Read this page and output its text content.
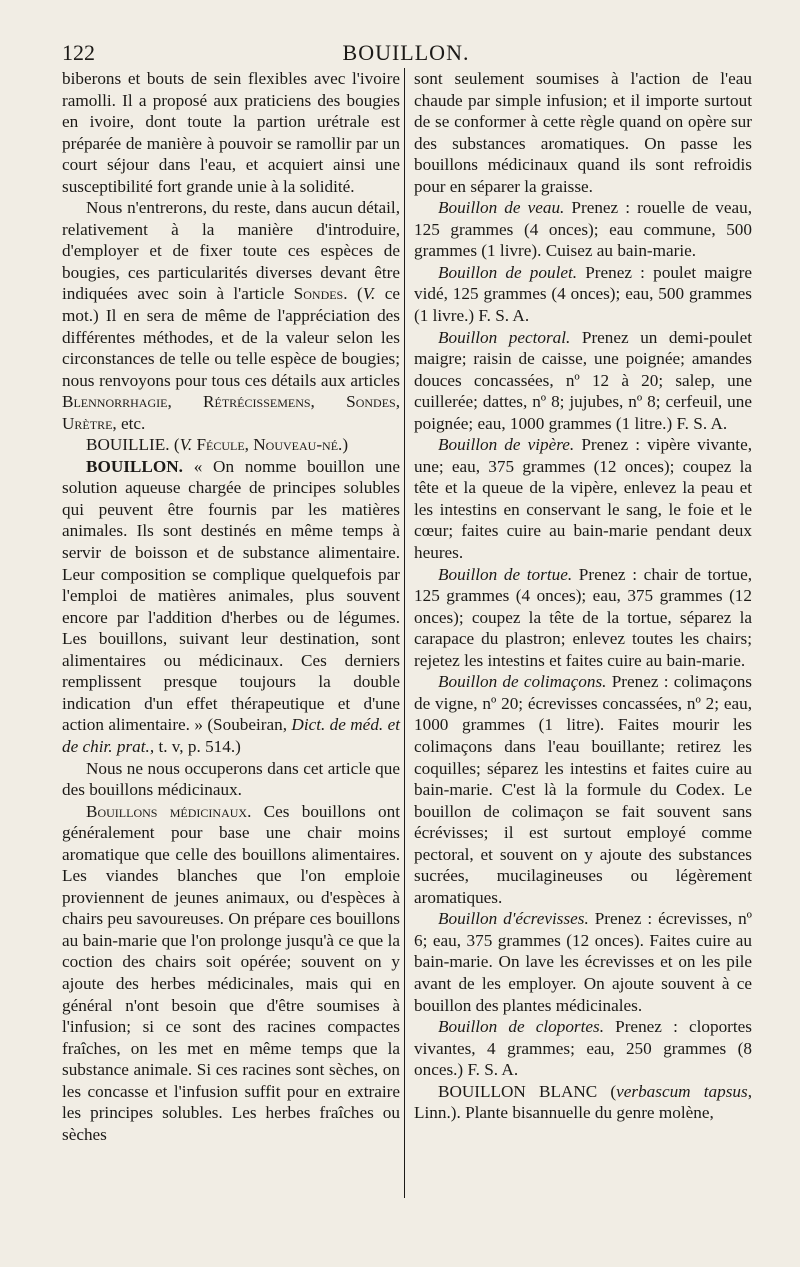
122	BOUILLON.

biberons et bouts de sein flexibles avec l'ivoire ramolli. Il a proposé aux praticiens des bougies en ivoire, dont toute la partion urétrale est préparée de manière à pouvoir se ramollir par un court séjour dans l'eau, et acquiert ainsi une susceptibilité fort grande unie à la solidité.

Nous n'entrerons, du reste, dans aucun détail, relativement à la manière d'introduire, d'employer et de fixer toute ces espèces de bougies, ces particularités diverses devant être indiquées avec soin à l'article Sondes. (V. ce mot.) Il en sera de même de l'appréciation des différentes méthodes, et de la valeur selon les circonstances de telle ou telle espèce de bougies; nous renvoyons pour tous ces détails aux articles Blennorrhagie, Rétrécissemens, Sondes, Urètre, etc.

BOUILLIE. (V. Fécule, Nouveau-né.)

BOUILLON. « On nomme bouillon une solution aqueuse chargée de principes solubles qui peuvent être fournis par les matières animales. Ils sont destinés en même temps à servir de boisson et de substance alimentaire. Leur composition se complique quelquefois par l'emploi de matières animales, plus souvent encore par l'addition d'herbes ou de légumes. Les bouillons, suivant leur destination, sont alimentaires ou médicinaux. Ces derniers remplissent presque toujours la double indication d'un effet thérapeutique et d'une action alimentaire. » (Soubeiran, Dict. de méd. et de chir. prat., t. v, p. 514.)

Nous ne nous occuperons dans cet article que des bouillons médicinaux.

Bouillons médicinaux. Ces bouillons ont généralement pour base une chair moins aromatique que celle des bouillons alimentaires. Les viandes blanches que l'on emploie proviennent de jeunes animaux, ou d'espèces à chairs peu savoureuses. On prépare ces bouillons au bain-marie que l'on prolonge jusqu'à ce que la coction des chairs soit opérée; souvent on y ajoute des herbes médicinales, mais qui en général n'ont besoin que d'être soumises à l'infusion; si ce sont des racines compactes fraîches, on les met en même temps que la substance animale. Si ces racines sont sèches, on les concasse et l'infusion suffit pour en extraire les principes solubles. Les herbes fraîches ou sèches

sont seulement soumises à l'action de l'eau chaude par simple infusion; et il importe surtout de se conformer à cette règle quand on opère sur des substances aromatiques. On passe les bouillons médicinaux quand ils sont refroidis pour en séparer la graisse.

Bouillon de veau. Prenez : rouelle de veau, 125 grammes (4 onces); eau commune, 500 grammes (1 livre). Cuisez au bain-marie.

Bouillon de poulet. Prenez : poulet maigre vidé, 125 grammes (4 onces); eau, 500 grammes (1 livre.) F. S. A.

Bouillon pectoral. Prenez un demi-poulet maigre; raisin de caisse, une poignée; amandes douces concassées, nº 12 à 20; salep, une cuillerée; dattes, nº 8; jujubes, nº 8; cerfeuil, une poignée; eau, 1000 grammes (1 litre.) F. S. A.

Bouillon de vipère. Prenez : vipère vivante, une; eau, 375 grammes (12 onces); coupez la tête et la queue de la vipère, enlevez la peau et les intestins en conservant le sang, le foie et le cœur; faites cuire au bain-marie pendant deux heures.

Bouillon de tortue. Prenez : chair de tortue, 125 grammes (4 onces); eau, 375 grammes (12 onces); coupez la tête de la tortue, séparez la carapace du plastron; enlevez toutes les chairs; rejetez les intestins et faites cuire au bain-marie.

Bouillon de colimaçons. Prenez : colimaçons de vigne, nº 20; écrevisses concassées, nº 2; eau, 1000 grammes (1 litre). Faites mourir les colimaçons dans l'eau bouillante; retirez les coquilles; séparez les intestins et faites cuire au bain-marie. C'est là la formule du Codex. Le bouillon de colimaçon se fait souvent sans écrévisses; il est surtout employé comme pectoral, et souvent on y ajoute des substances sucrées, mucilagineuses ou légèrement aromatiques.

Bouillon d'écrevisses. Prenez : écrevisses, nº 6; eau, 375 grammes (12 onces). Faites cuire au bain-marie. On lave les écrevisses et on les pile avant de les employer. On ajoute souvent à ce bouillon des plantes médicinales.

Bouillon de cloportes. Prenez : cloportes vivantes, 4 grammes; eau, 250 grammes (8 onces.) F. S. A.

BOUILLON BLANC (verbascum tapsus, Linn.). Plante bisannuelle du genre molène,
